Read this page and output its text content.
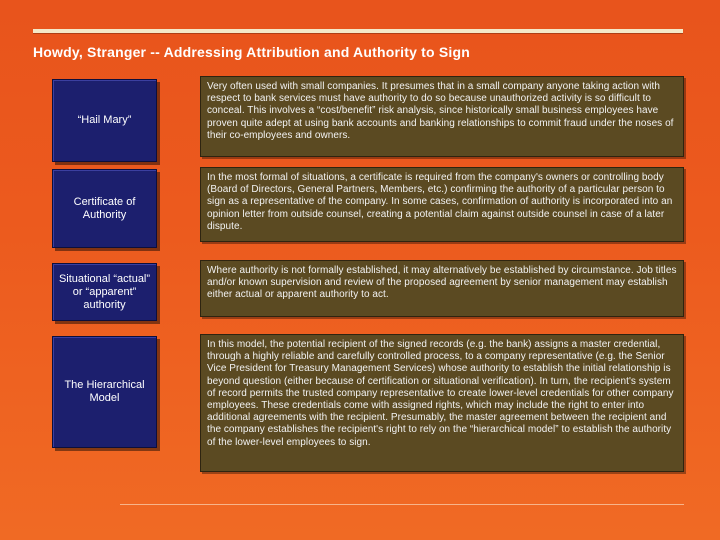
Howdy, Stranger -- Addressing Attribution and Authority to Sign
“Hail Mary”
Very often used with small companies. It presumes that in a small company anyone taking action with respect to bank services must have authority to do so because unauthorized activity is so difficult to conceal. This involves a “cost/benefit” risk analysis, since historically small business employees have proven quite adept at using bank accounts and banking relationships to commit fraud under the noses of their co-employees and owners.
Certificate of Authority
In the most formal of situations, a certificate is required from the company's owners or controlling body (Board of Directors, General Partners, Members, etc.) confirming the authority of a particular person to sign as a representative of the company. In some cases, confirmation of authority is incorporated into an opinion letter from outside counsel, creating a potential claim against outside counsel in case of a later dispute.
Situational “actual” or “apparent” authority
Where authority is not formally established, it may alternatively be established by circumstance. Job titles and/or known supervision and review of the proposed agreement by senior management may establish either actual or apparent authority to act.
The Hierarchical Model
In this model, the potential recipient of the signed records (e.g. the bank) assigns a master credential, through a highly reliable and carefully controlled process, to a company representative (e.g. the Senior Vice President for Treasury Management Services) whose authority to establish the initial relationship is beyond question (either because of certification or situational verification). In turn, the recipient's system of record permits the trusted company representative to create lower-level credentials for other company employees. These credentials come with assigned rights, which may include the right to enter into additional agreements with the recipient. Presumably, the master agreement between the recipient and the company establishes the recipient's right to rely on the “hierarchical model” to establish the authority of the lower-level employees to sign.
